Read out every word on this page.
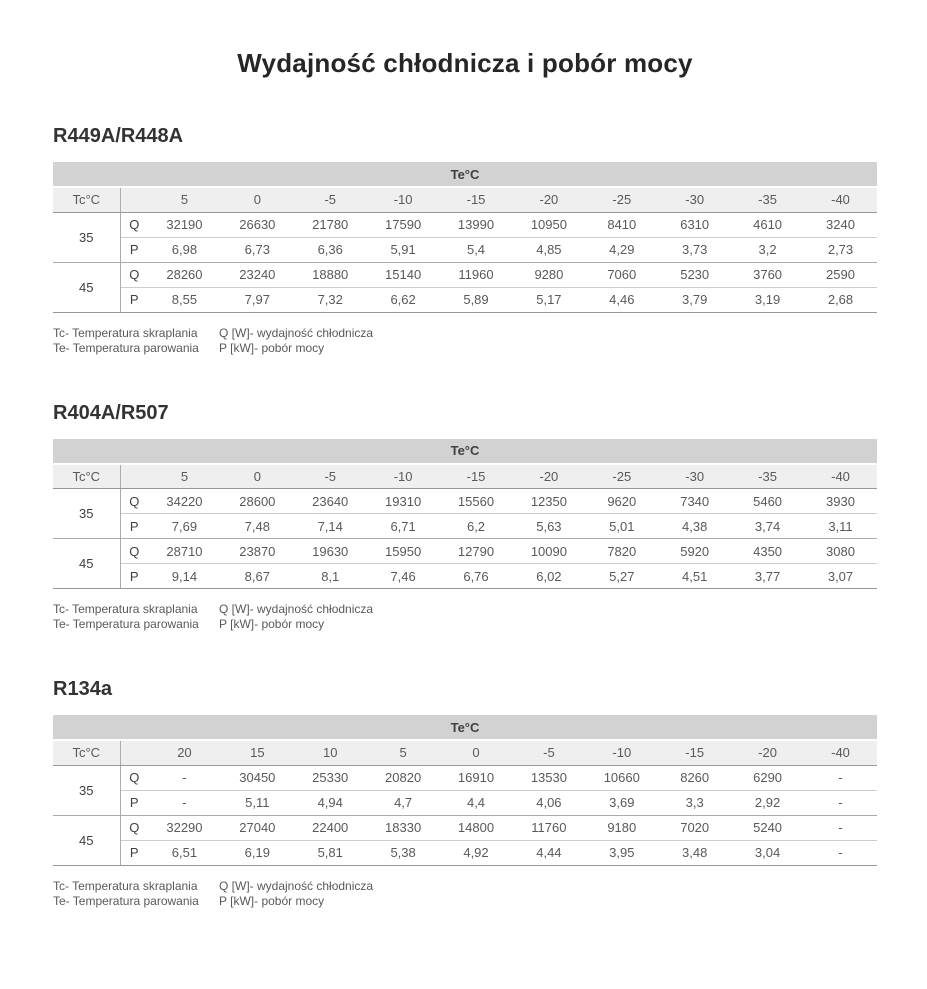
Wydajność chłodnicza i pobór mocy
R449A/R448A
Te°C											
Tc°C		5	0	-5	-10	-15	-20	-25	-30	-35	-40
35	Q	32190	26630	21780	17590	13990	10950	8410	6310	4610	3240
	P	6,98	6,73	6,36	5,91	5,4	4,85	4,29	3,73	3,2	2,73
45	Q	28260	23240	18880	15140	11960	9280	7060	5230	3760	2590
	P	8,55	7,97	7,32	6,62	5,89	5,17	4,46	3,79	3,19	2,68
Tc- Temperatura skraplania	Q [W]- wydajność chłodnicza
Te- Temperatura parowania	P [kW]- pobór mocy
R404A/R507
Te°C											
Tc°C		5	0	-5	-10	-15	-20	-25	-30	-35	-40
35	Q	34220	28600	23640	19310	15560	12350	9620	7340	5460	3930
	P	7,69	7,48	7,14	6,71	6,2	5,63	5,01	4,38	3,74	3,11
45	Q	28710	23870	19630	15950	12790	10090	7820	5920	4350	3080
	P	9,14	8,67	8,1	7,46	6,76	6,02	5,27	4,51	3,77	3,07
Tc- Temperatura skraplania	Q [W]- wydajność chłodnicza
Te- Temperatura parowania	P [kW]- pobór mocy
R134a
Te°C											
Tc°C		20	15	10	5	0	-5	-10	-15	-20	-40
35	Q	-	30450	25330	20820	16910	13530	10660	8260	6290	-
	P	-	5,11	4,94	4,7	4,4	4,06	3,69	3,3	2,92	-
45	Q	32290	27040	22400	18330	14800	11760	9180	7020	5240	-
	P	6,51	6,19	5,81	5,38	4,92	4,44	3,95	3,48	3,04	-
Tc- Temperatura skraplania	Q [W]- wydajność chłodnicza
Te- Temperatura parowania	P [kW]- pobór mocy
